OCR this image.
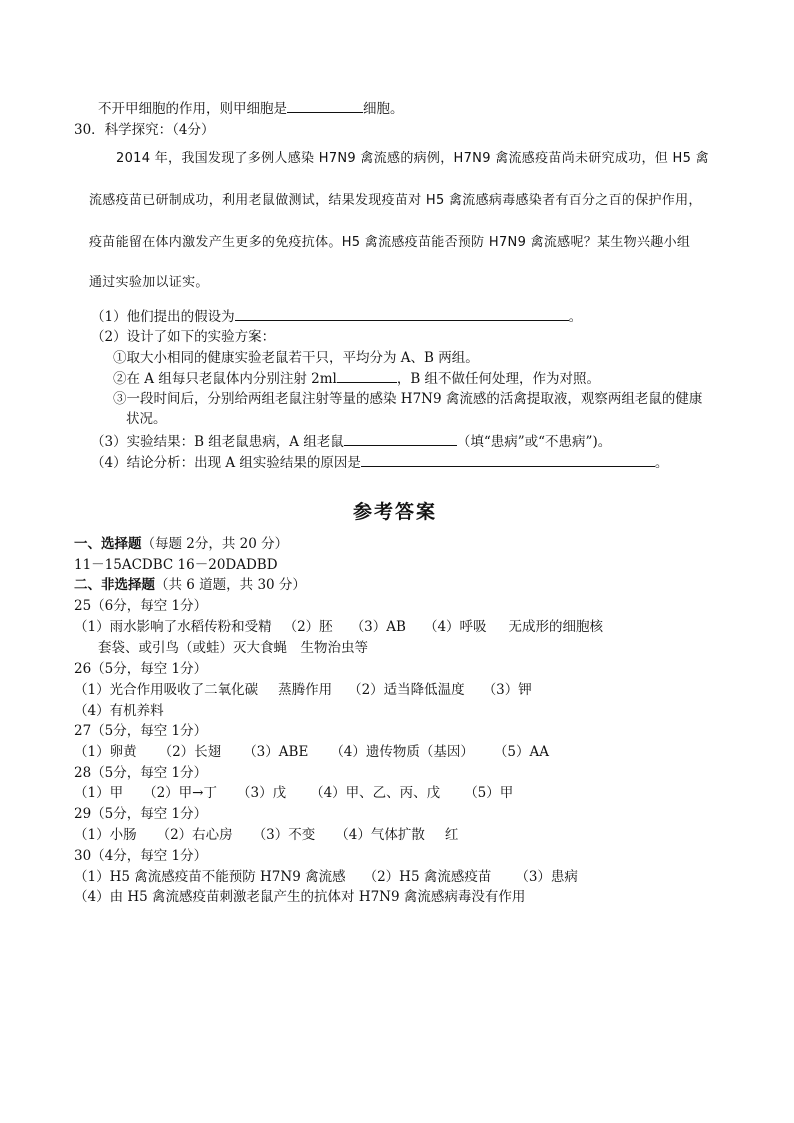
不开甲细胞的作用，则甲细胞是	细胞。
30．科学探究：（4分）
2014 年，我国发现了多例人感染 H7N9 禽流感的病例，H7N9 禽流感疫苗尚未研究成功，但 H5 禽
流感疫苗已研制成功，利用老鼠做测试，结果发现疫苗对 H5 禽流感病毒感染者有百分之百的保护作用，
疫苗能留在体内激发产生更多的免疫抗体。H5 禽流感疫苗能否预防 H7N9 禽流感呢？某生物兴趣小组
通过实验加以证实。
（1）他们提出的假设为	。
（2）设计了如下的实验方案：
①取大小相同的健康实验老鼠若干只，平均分为 A、B 两组。
②在 A 组每只老鼠体内分别注射 2ml	，B 组不做任何处理，作为对照。
③一段时间后，分别给两组老鼠注射等量的感染 H7N9 禽流感的活禽提取液，观察两组老鼠的健康
状况。
（3）实验结果：B 组老鼠患病，A 组老鼠	（填“患病”或“不患病”)。
（4）结论分析：出现 A 组实验结果的原因是	。
参考答案
一、选择题（每题 2分，共 20 分）
11－15ACDBC 16－20DADBD
二、非选择题（共 6 道题，共 30 分）
25（6分，每空 1分）
（1）雨水影响了水稻传粉和受精 （2）胚 （3）AB （4）呼吸 无成形的细胞核
套袋、或引鸟（或蛙）灭大食蝇　生物治虫等
26（5分，每空 1分）
（1）光合作用吸收了二氧化碳 蒸腾作用 （2）适当降低温度 （3）钾
（4）有机养料
27（5分，每空 1分）
（1）卵黄 （2）长翅 （3）ABE （4）遗传物质（基因） （5）AA
28（5分，每空 1分）
（1）甲 （2）甲→丁 （3）戊 （4）甲、乙、丙、戊 （5）甲
29（5分，每空 1分）
（1）小肠 （2）右心房 （3）不变 （4）气体扩散 红
30（4分，每空 1分）
（1）H5 禽流感疫苗不能预防 H7N9 禽流感 （2）H5 禽流感疫苗 （3）患病
（4）由 H5 禽流感疫苗刺激老鼠产生的抗体对 H7N9 禽流感病毒没有作用
